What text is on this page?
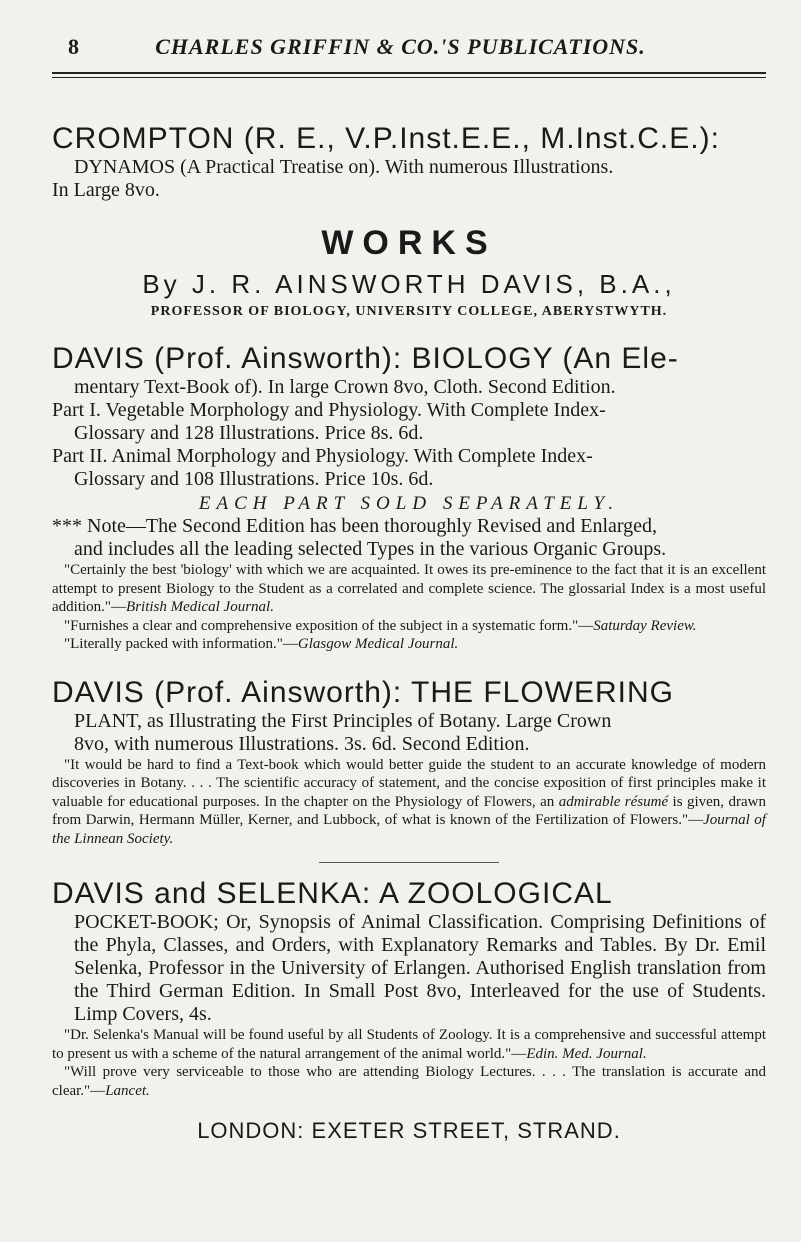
8	CHARLES GRIFFIN & CO.'S PUBLICATIONS.
CROMPTON (R. E., V.P.Inst.E.E., M.Inst.C.E.):
DYNAMOS (A Practical Treatise on). With numerous Illustrations.
In Large 8vo.
WORKS
By J. R. AINSWORTH DAVIS, B.A.,
PROFESSOR OF BIOLOGY, UNIVERSITY COLLEGE, ABERYSTWYTH.
DAVIS (Prof. Ainsworth): BIOLOGY (An Ele-
mentary Text-Book of). In large Crown 8vo, Cloth. Second Edition.
Part I. Vegetable Morphology and Physiology. With Complete Index-
Glossary and 128 Illustrations. Price 8s. 6d.
Part II. Animal Morphology and Physiology. With Complete Index-
Glossary and 108 Illustrations. Price 10s. 6d.
EACH PART SOLD SEPARATELY.
*** Note—The Second Edition has been thoroughly Revised and Enlarged,
and includes all the leading selected Types in the various Organic Groups.
"Certainly the best 'biology' with which we are acquainted. It owes its pre-eminence to the fact that it is an excellent attempt to present Biology to the Student as a correlated and complete science. The glossarial Index is a most useful addition."—British Medical Journal.
"Furnishes a clear and comprehensive exposition of the subject in a systematic form."—Saturday Review.
"Literally packed with information."—Glasgow Medical Journal.
DAVIS (Prof. Ainsworth): THE FLOWERING
PLANT, as Illustrating the First Principles of Botany. Large Crown
8vo, with numerous Illustrations. 3s. 6d. Second Edition.
"It would be hard to find a Text-book which would better guide the student to an accurate knowledge of modern discoveries in Botany. . . . The scientific accuracy of statement, and the concise exposition of first principles make it valuable for educational purposes. In the chapter on the Physiology of Flowers, an admirable résumé is given, drawn from Darwin, Hermann Müller, Kerner, and Lubbock, of what is known of the Fertilization of Flowers."—Journal of the Linnean Society.
DAVIS and SELENKA: A ZOOLOGICAL
POCKET-BOOK; Or, Synopsis of Animal Classification. Comprising Definitions of the Phyla, Classes, and Orders, with Explanatory Remarks and Tables. By Dr. Emil Selenka, Professor in the University of Erlangen. Authorised English translation from the Third German Edition. In Small Post 8vo, Interleaved for the use of Students. Limp Covers, 4s.
"Dr. Selenka's Manual will be found useful by all Students of Zoology. It is a comprehensive and successful attempt to present us with a scheme of the natural arrangement of the animal world."—Edin. Med. Journal.
"Will prove very serviceable to those who are attending Biology Lectures. . . . The translation is accurate and clear."—Lancet.
LONDON: EXETER STREET, STRAND.
